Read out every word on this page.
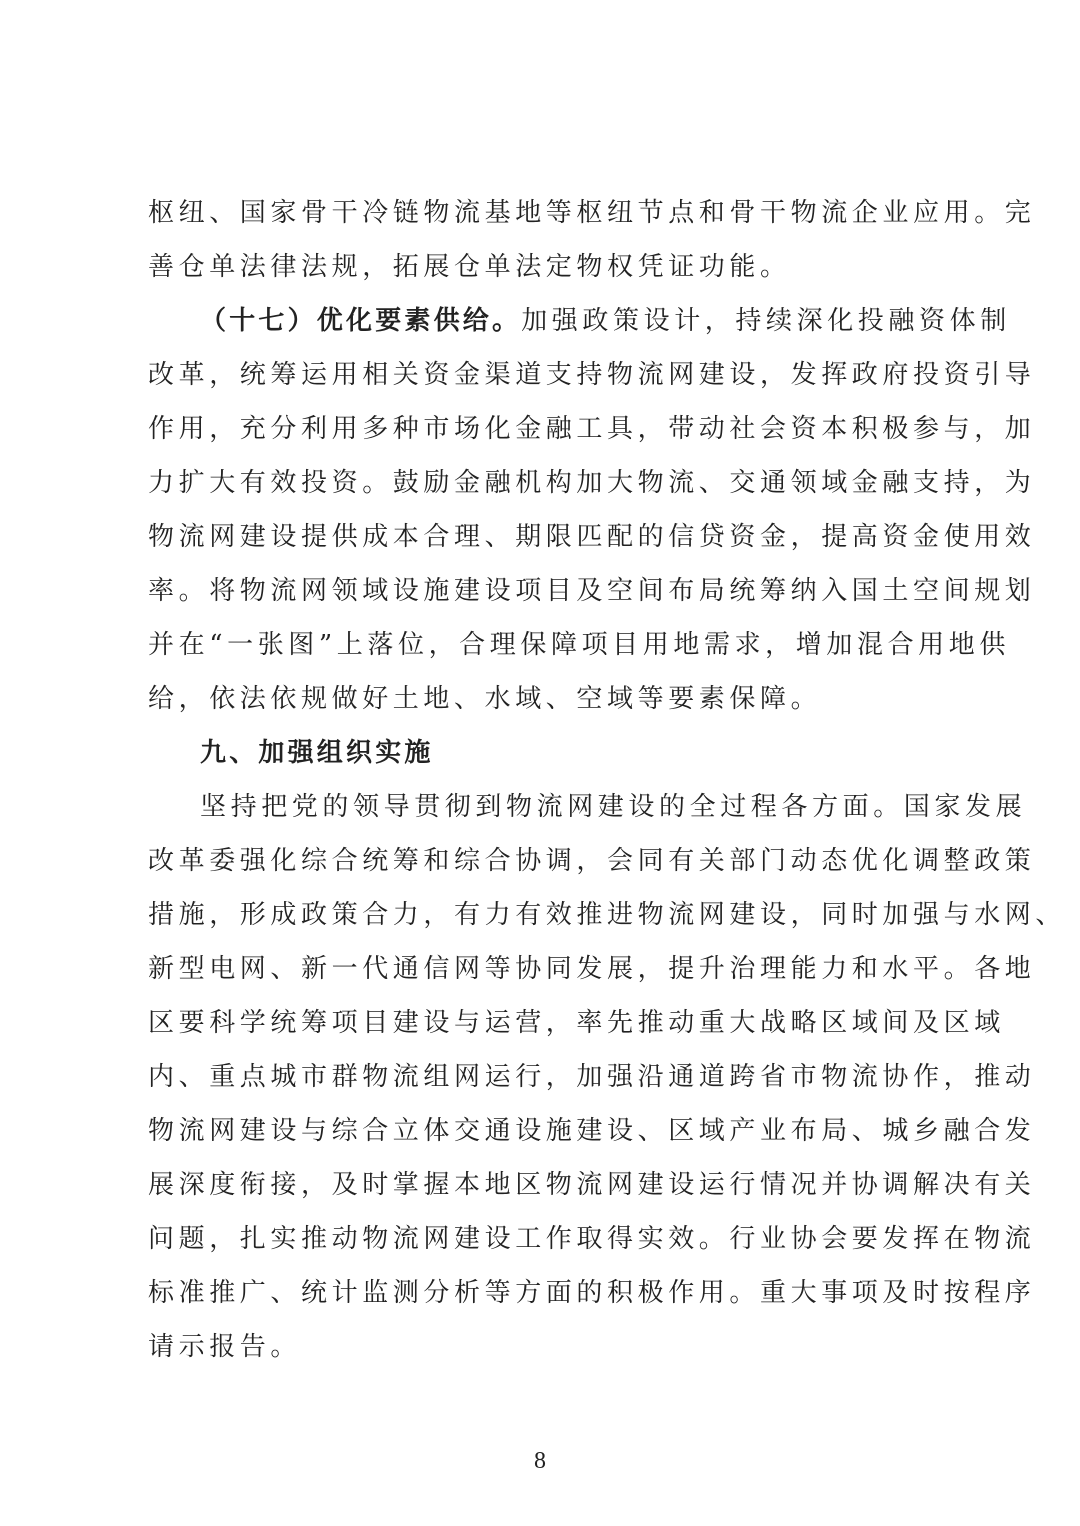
枢纽、国家骨干冷链物流基地等枢纽节点和骨干物流企业应用。完
善仓单法律法规，拓展仓单法定物权凭证功能。
（十七）优化要素供给。加强政策设计，持续深化投融资体制
改革，统筹运用相关资金渠道支持物流网建设，发挥政府投资引导
作用，充分利用多种市场化金融工具，带动社会资本积极参与，加
力扩大有效投资。鼓励金融机构加大物流、交通领域金融支持，为
物流网建设提供成本合理、期限匹配的信贷资金，提高资金使用效
率。将物流网领域设施建设项目及空间布局统筹纳入国土空间规划
并在“一张图”上落位，合理保障项目用地需求，增加混合用地供
给，依法依规做好土地、水域、空域等要素保障。
九、加强组织实施
坚持把党的领导贯彻到物流网建设的全过程各方面。国家发展
改革委强化综合统筹和综合协调，会同有关部门动态优化调整政策
措施，形成政策合力，有力有效推进物流网建设，同时加强与水网、
新型电网、新一代通信网等协同发展，提升治理能力和水平。各地
区要科学统筹项目建设与运营，率先推动重大战略区域间及区域
内、重点城市群物流组网运行，加强沿通道跨省市物流协作，推动
物流网建设与综合立体交通设施建设、区域产业布局、城乡融合发
展深度衔接，及时掌握本地区物流网建设运行情况并协调解决有关
问题，扎实推动物流网建设工作取得实效。行业协会要发挥在物流
标准推广、统计监测分析等方面的积极作用。重大事项及时按程序
请示报告。
8
